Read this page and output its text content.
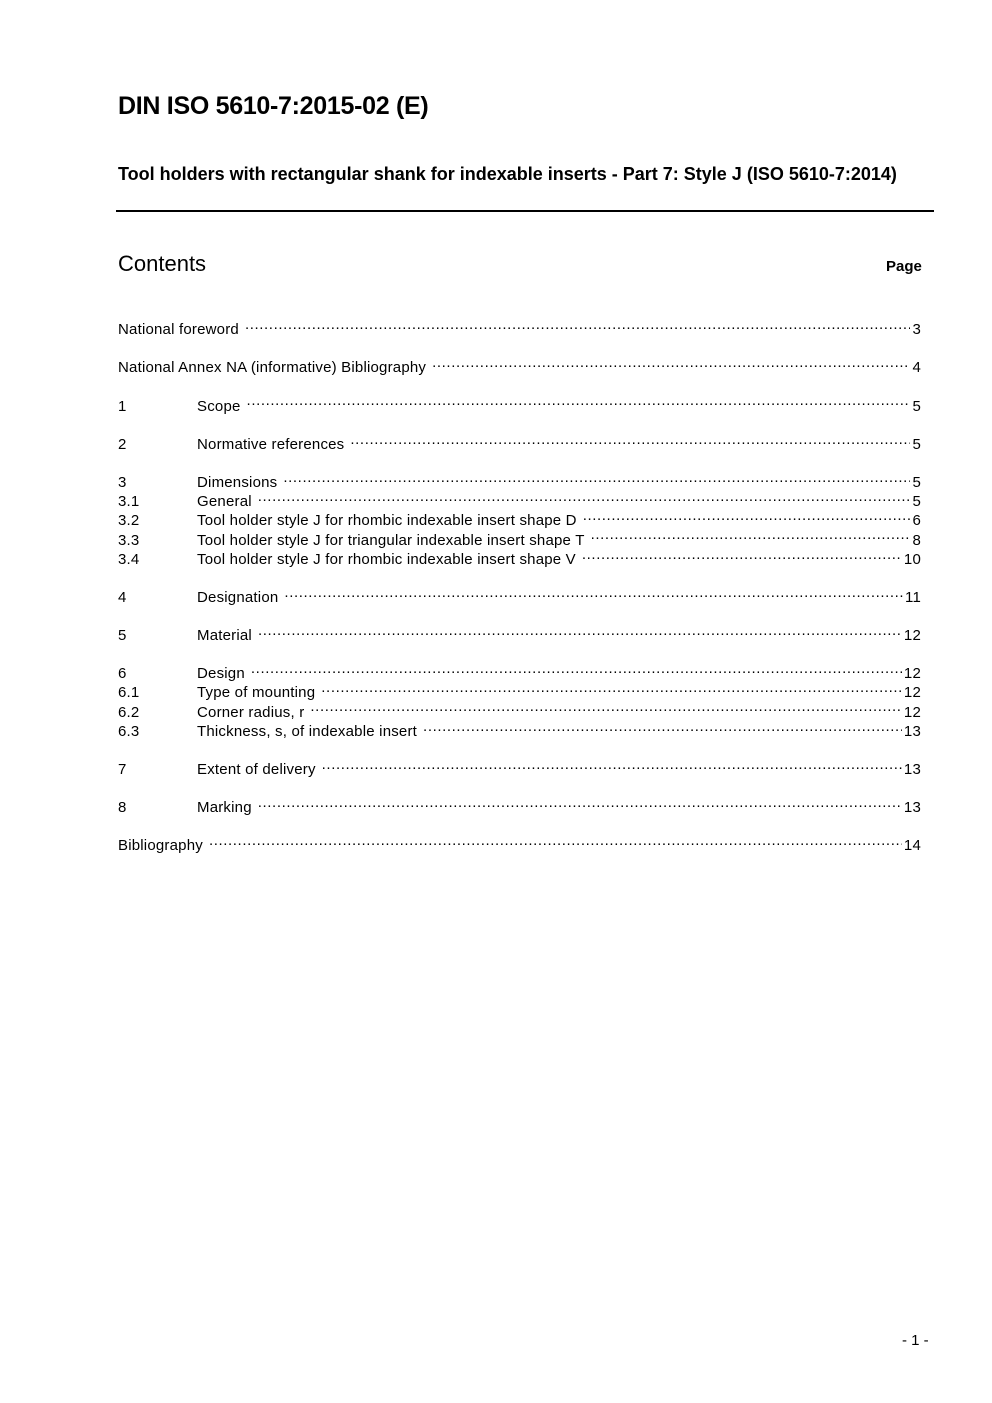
DIN ISO 5610-7:2015-02 (E)
Tool holders with rectangular shank for indexable inserts - Part 7: Style J (ISO 5610-7:2014)
Contents	Page
National foreword .....	3
National Annex NA (informative) Bibliography .....	4
1	Scope .....	5
2	Normative references .....	5
3	Dimensions .....	5
3.1	General .....	5
3.2	Tool holder style J for rhombic indexable insert shape D .....	6
3.3	Tool holder style J for triangular indexable insert shape T .....	8
3.4	Tool holder style J for rhombic indexable insert shape V .....	10
4	Designation .....	11
5	Material .....	12
6	Design .....	12
6.1	Type of mounting .....	12
6.2	Corner radius, r .....	12
6.3	Thickness, s, of indexable insert .....	13
7	Extent of delivery .....	13
8	Marking .....	13
Bibliography .....	14
- 1 -
